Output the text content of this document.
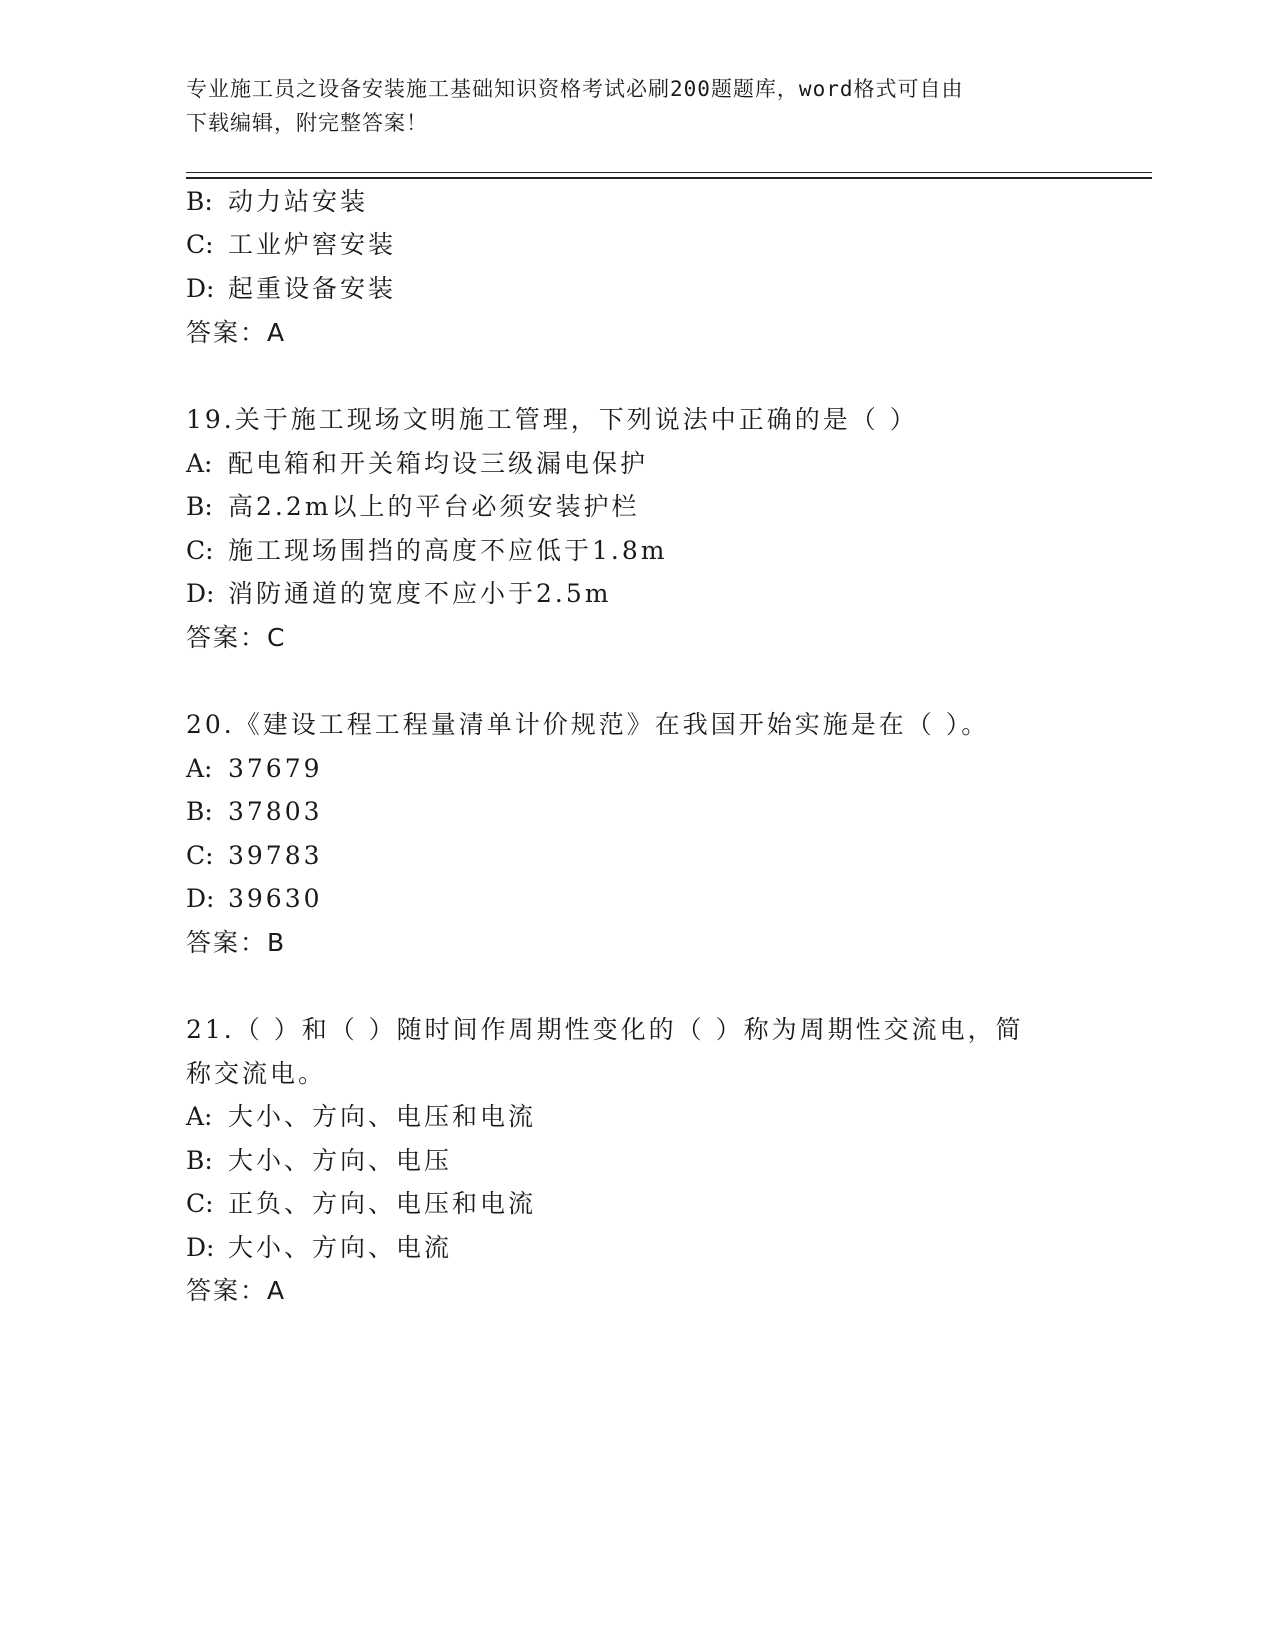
专业施工员之设备安装施工基础知识资格考试必刷200题题库，word格式可自由
下载编辑，附完整答案！
B: 动力站安装
C: 工业炉窖安装
D: 起重设备安装
答案：A
19.关于施工现场文明施工管理，下列说法中正确的是（ ）
A: 配电箱和开关箱均设三级漏电保护
B: 高2.2m以上的平台必须安装护栏
C: 施工现场围挡的高度不应低于1.8m
D: 消防通道的宽度不应小于2.5m
答案：C
20.《建设工程工程量清单计价规范》在我国开始实施是在（ ）。
A: 37679
B: 37803
C: 39783
D: 39630
答案：B
21.（ ）和（ ）随时间作周期性变化的（ ）称为周期性交流电，简
称交流电。
A: 大小、方向、电压和电流
B: 大小、方向、电压
C: 正负、方向、电压和电流
D: 大小、方向、电流
答案：A
